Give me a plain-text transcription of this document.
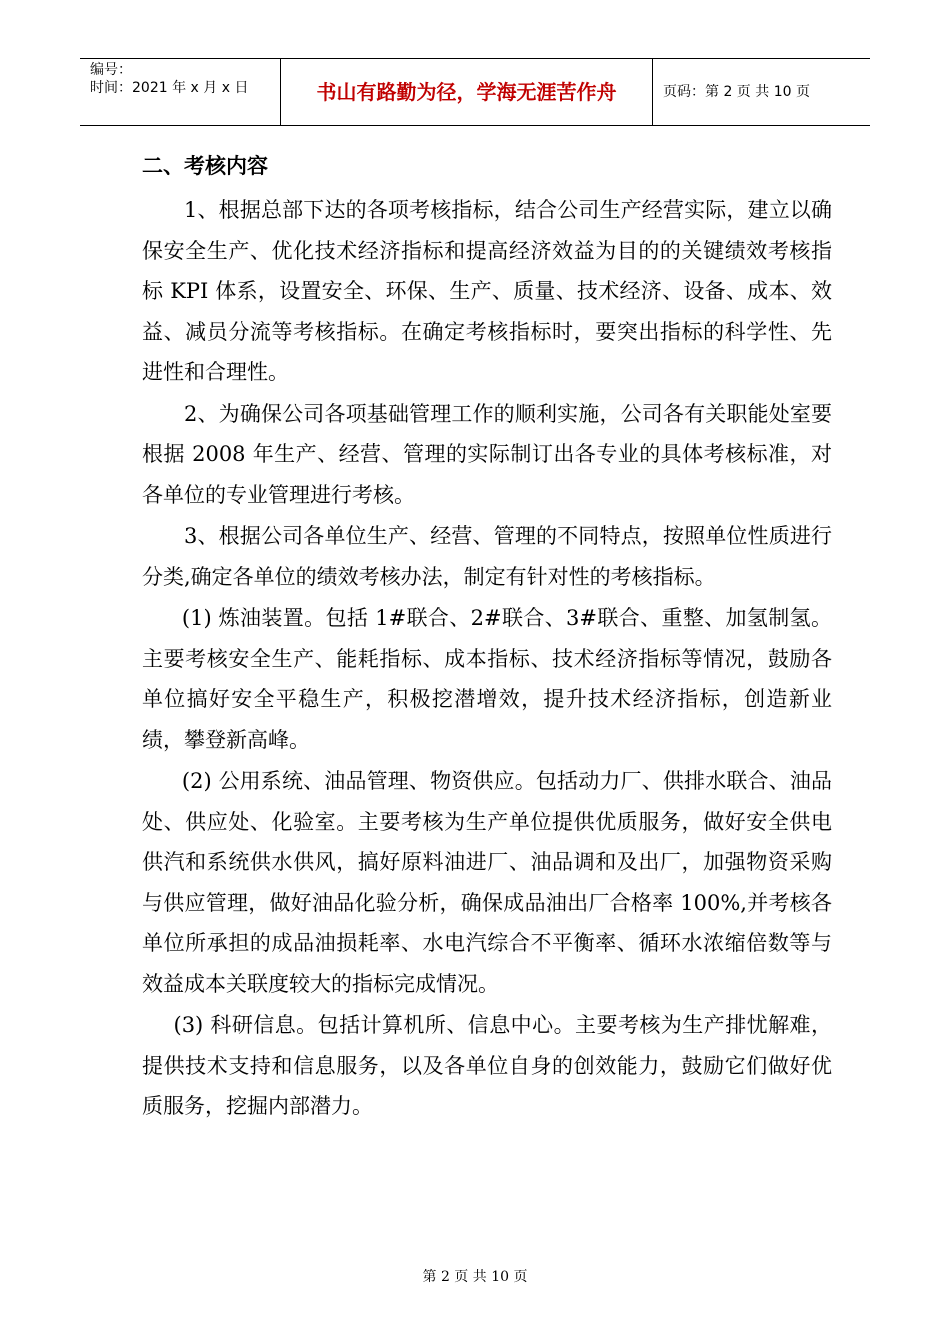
编号：
时间：2021 年 x 月 x 日	书山有路勤为径，学海无涯苦作舟	页码：第 2 页 共 10 页
二、考核内容

1、根据总部下达的各项考核指标，结合公司生产经营实际，建立以确保安全生产、优化技术经济指标和提高经济效益为目的的关键绩效考核指标 KPI 体系，设置安全、环保、生产、质量、技术经济、设备、成本、效益、减员分流等考核指标。在确定考核指标时，要突出指标的科学性、先进性和合理性。

2、为确保公司各项基础管理工作的顺利实施，公司各有关职能处室要根据 2008 年生产、经营、管理的实际制订出各专业的具体考核标准，对各单位的专业管理进行考核。

3、根据公司各单位生产、经营、管理的不同特点，按照单位性质进行分类,确定各单位的绩效考核办法，制定有针对性的考核指标。

(1) 炼油装置。包括 1#联合、2#联合、3#联合、重整、加氢制氢。主要考核安全生产、能耗指标、成本指标、技术经济指标等情况，鼓励各单位搞好安全平稳生产，积极挖潜增效，提升技术经济指标，创造新业绩，攀登新高峰。

(2) 公用系统、油品管理、物资供应。包括动力厂、供排水联合、油品处、供应处、化验室。主要考核为生产单位提供优质服务，做好安全供电供汽和系统供水供风，搞好原料油进厂、油品调和及出厂，加强物资采购与供应管理，做好油品化验分析，确保成品油出厂合格率 100%,并考核各单位所承担的成品油损耗率、水电汽综合不平衡率、循环水浓缩倍数等与效益成本关联度较大的指标完成情况。

(3) 科研信息。包括计算机所、信息中心。主要考核为生产排忧解难，提供技术支持和信息服务，以及各单位自身的创效能力，鼓励它们做好优质服务，挖掘内部潜力。

第 2 页 共 10 页
